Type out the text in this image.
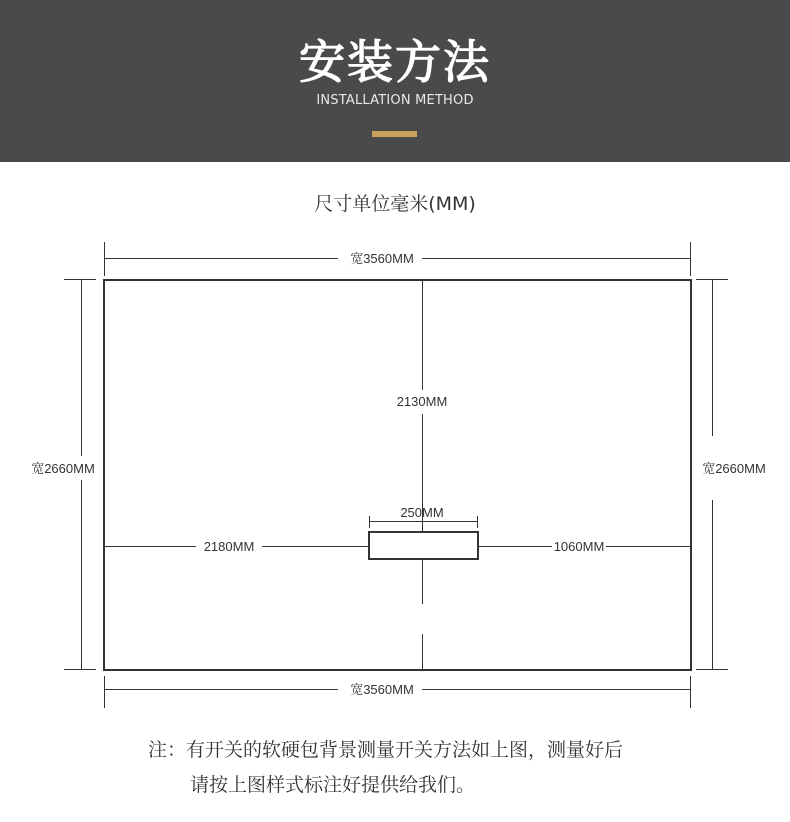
安装方法
INSTALLATION METHOD
尺寸单位毫米(MM)
宽3560MM
宽3560MM
宽2660MM	宽2660MM
2130MM
250MM
2180MM	1060MM
注：有开关的软硬包背景测量开关方法如上图，测量好后
请按上图样式标注好提供给我们。
